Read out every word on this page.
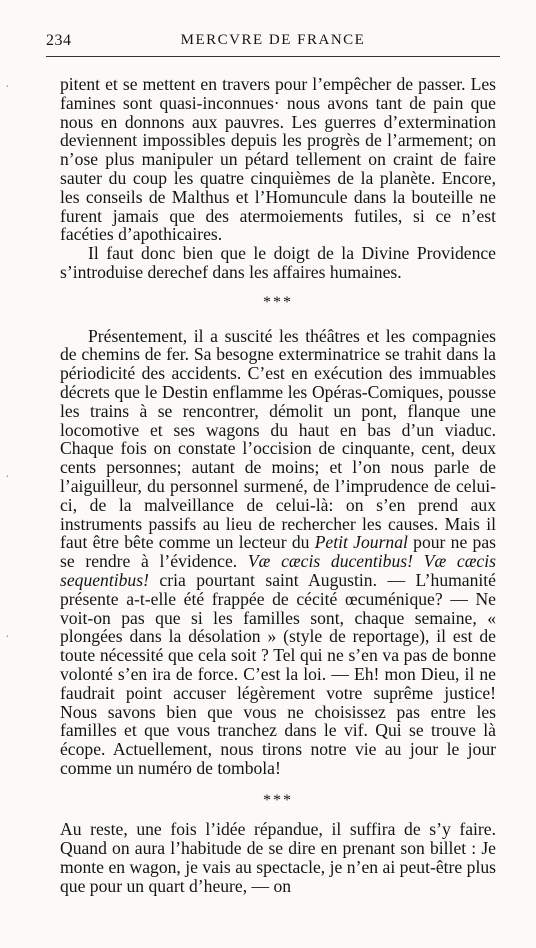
234	MERCVRE DE FRANCE
·
·
·

pitent et se mettent en travers pour l’empêcher de passer. Les famines sont quasi-inconnues· nous avons tant de pain que nous en donnons aux pauvres. Les guerres d’extermination deviennent impossibles depuis les progrès de l’armement; on n’ose plus manipuler un pétard tellement on craint de faire sauter du coup les quatre cinquièmes de la planète. Encore, les conseils de Malthus et l’Homuncule dans la bouteille ne furent jamais que des atermoiements futiles, si ce n’est facéties d’apothicaires.

Il faut donc bien que le doigt de la Divine Providence s’introduise derechef dans les affaires humaines.

***

Présentement, il a suscité les théâtres et les compagnies de chemins de fer. Sa besogne exterminatrice se trahit dans la périodicité des accidents. C’est en exécution des immuables décrets que le Destin enflamme les Opéras-Comiques, pousse les trains à se rencontrer, démolit un pont, flanque une locomotive et ses wagons du haut en bas d’un viaduc. Chaque fois on constate l’occision de cinquante, cent, deux cents personnes; autant de moins; et l’on nous parle de l’aiguilleur, du personnel surmené, de l’imprudence de celui-ci, de la malveillance de celui-là: on s’en prend aux instruments passifs au lieu de rechercher les causes. Mais il faut être bête comme un lecteur du Petit Journal pour ne pas se rendre à l’évidence. Væ cæcis ducentibus! Væ cæcis sequentibus! cria pourtant saint Augustin. — L’humanité présente a-t-elle été frappée de cécité œcuménique? — Ne voit-on pas que si les familles sont, chaque semaine, « plongées dans la désolation » (style de reportage), il est de toute nécessité que cela soit ? Tel qui ne s’en va pas de bonne volonté s’en ira de force. C’est la loi. — Eh! mon Dieu, il ne faudrait point accuser légèrement votre suprême justice! Nous savons bien que vous ne choisissez pas entre les familles et que vous tranchez dans le vif. Qui se trouve là écope. Actuellement, nous tirons notre vie au jour le jour comme un numéro de tombola!

***

Au reste, une fois l’idée répandue, il suffira de s’y faire. Quand on aura l’habitude de se dire en prenant son billet : Je monte en wagon, je vais au spectacle, je n’en ai peut-être plus que pour un quart d’heure, — on
